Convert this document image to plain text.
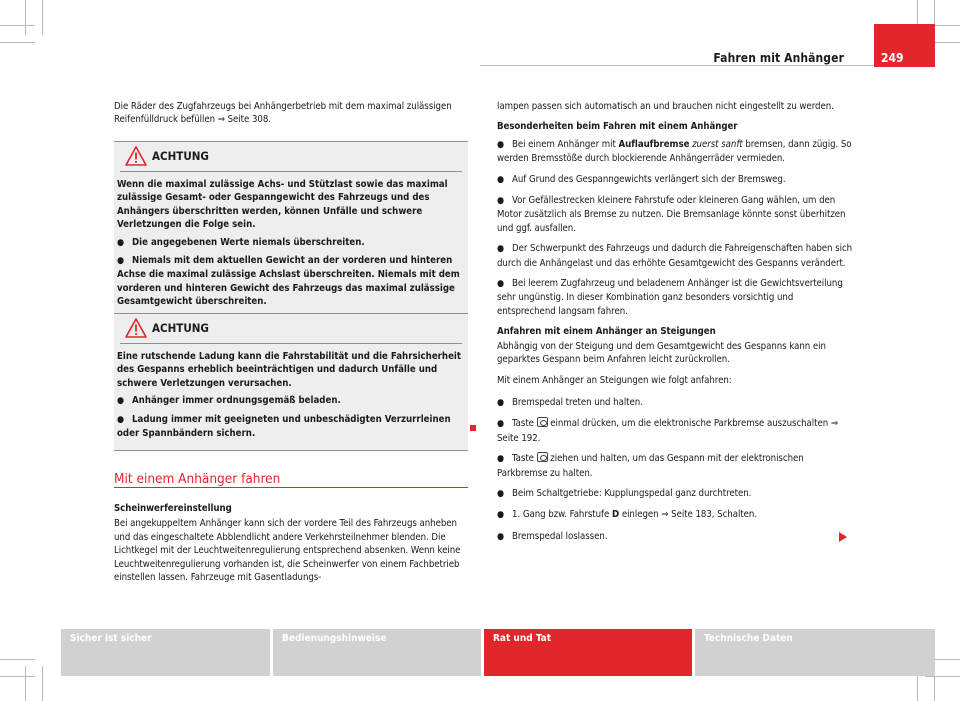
Fahren mit Anhänger	249

Die Räder des Zugfahrzeugs bei Anhängerbetrieb mit dem maximal zulässigen Reifenfülldruck befüllen ⇒ Seite 308.

ACHTUNG

Wenn die maximal zulässige Achs- und Stützlast sowie das maximal zulässige Gesamt- oder Gespanngewicht des Fahrzeugs und des Anhängers überschritten werden, können Unfälle und schwere Verletzungen die Folge sein.

● Die angegebenen Werte niemals überschreiten.

● Niemals mit dem aktuellen Gewicht an der vorderen und hinteren Achse die maximal zulässige Achslast überschreiten. Niemals mit dem vorderen und hinteren Gewicht des Fahrzeugs das maximal zulässige Gesamtgewicht überschreiten.

ACHTUNG

Eine rutschende Ladung kann die Fahrstabilität und die Fahrsicherheit des Gespanns erheblich beeinträchtigen und dadurch Unfälle und schwere Verletzungen verursachen.

● Anhänger immer ordnungsgemäß beladen.

● Ladung immer mit geeigneten und unbeschädigten Verzurrleinen oder Spannbändern sichern.

Mit einem Anhänger fahren

Scheinwerfereinstellung

Bei angekuppeltem Anhänger kann sich der vordere Teil des Fahrzeugs anheben und das eingeschaltete Abblendlicht andere Verkehrsteilnehmer blenden. Die Lichtkegel mit der Leuchtweitenregulierung entsprechend absenken. Wenn keine Leuchtweitenregulierung vorhanden ist, die Scheinwerfer von einem Fachbetrieb einstellen lassen. Fahrzeuge mit Gasentladungs-

lampen passen sich automatisch an und brauchen nicht eingestellt zu werden.

Besonderheiten beim Fahren mit einem Anhänger

● Bei einem Anhänger mit Auflaufbremse zuerst sanft bremsen, dann zügig. So werden Bremsstöße durch blockierende Anhängerräder vermieden.

● Auf Grund des Gespanngewichts verlängert sich der Bremsweg.

● Vor Gefällestrecken kleinere Fahrstufe oder kleineren Gang wählen, um den Motor zusätzlich als Bremse zu nutzen. Die Bremsanlage könnte sonst überhitzen und ggf. ausfallen.

● Der Schwerpunkt des Fahrzeugs und dadurch die Fahreigenschaften haben sich durch die Anhängelast und das erhöhte Gesamtgewicht des Gespanns verändert.

● Bei leerem Zugfahrzeug und beladenem Anhänger ist die Gewichtsverteilung sehr ungünstig. In dieser Kombination ganz besonders vorsichtig und entsprechend langsam fahren.

Anfahren mit einem Anhänger an Steigungen

Abhängig von der Steigung und dem Gesamtgewicht des Gespanns kann ein geparktes Gespann beim Anfahren leicht zurückrollen.

Mit einem Anhänger an Steigungen wie folgt anfahren:

● Bremspedal treten und halten.

● Taste  einmal drücken, um die elektronische Parkbremse auszuschalten ⇒ Seite 192.

● Taste  ziehen und halten, um das Gespann mit der elektronischen Parkbremse zu halten.

● Beim Schaltgetriebe: Kupplungspedal ganz durchtreten.

● 1. Gang bzw. Fahrstufe D einlegen ⇒ Seite 183, Schalten.

● Bremspedal loslassen.

Sicher ist sicher	Bedienungshinweise	Rat und Tat	Technische Daten
